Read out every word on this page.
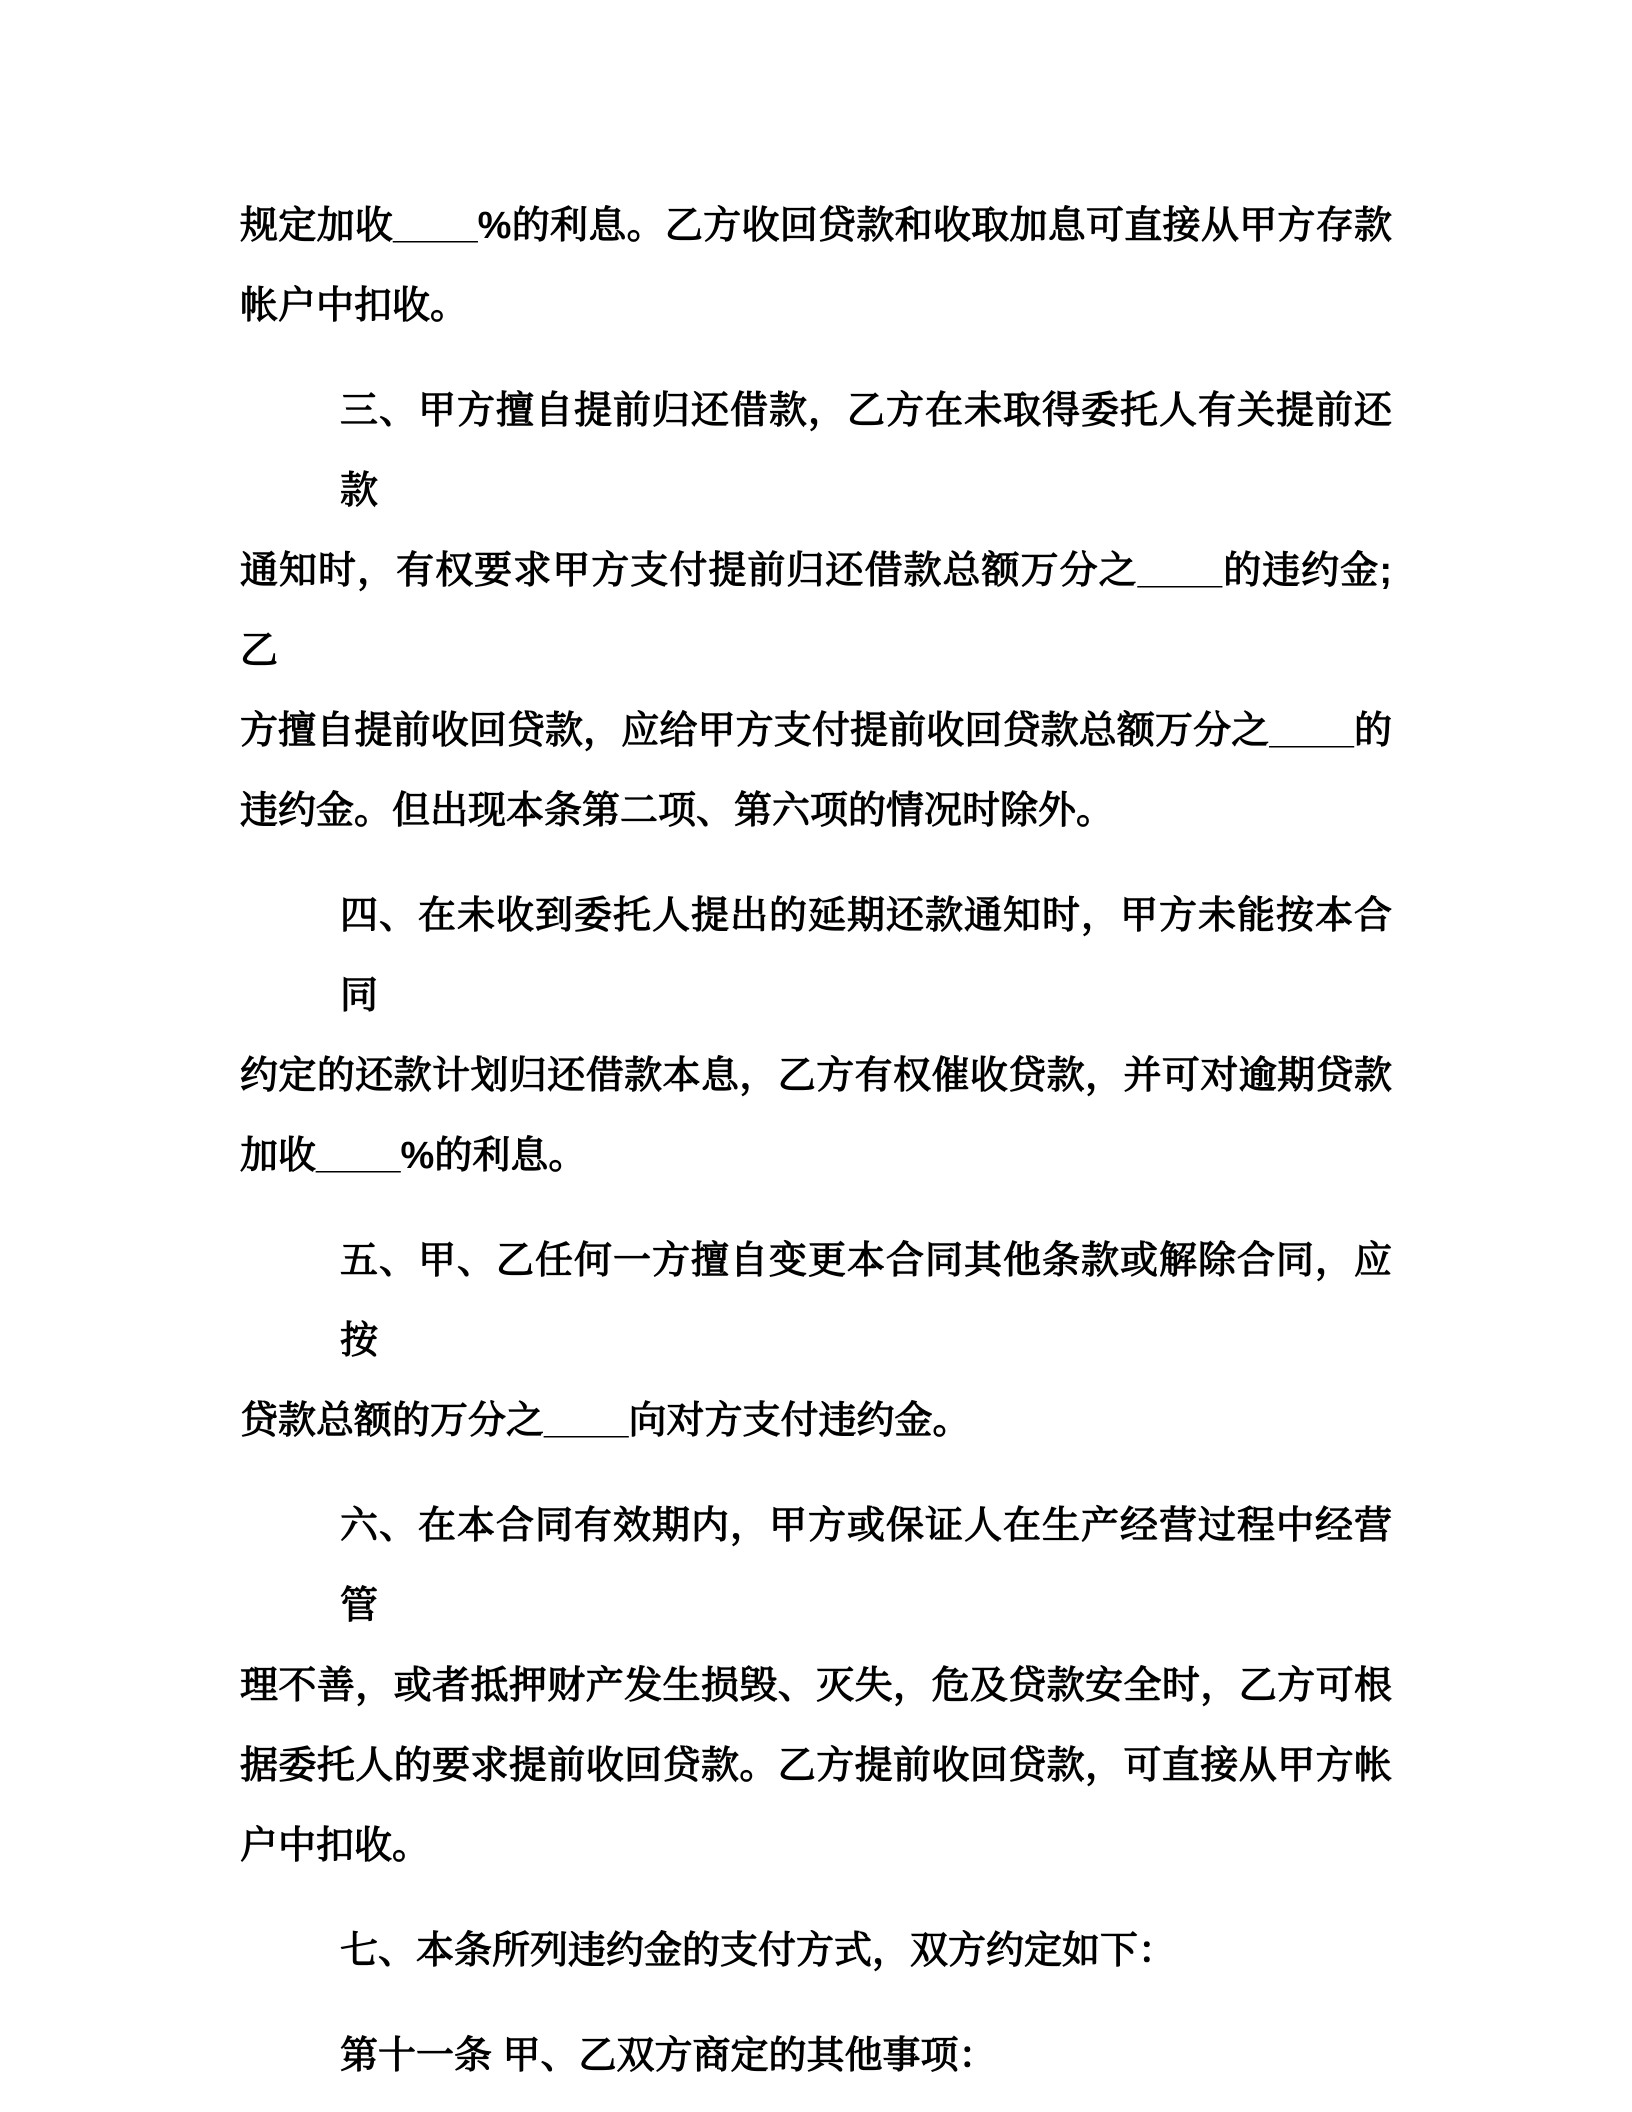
规定加收____%的利息。乙方收回贷款和收取加息可直接从甲方存款
帐户中扣收。
三、甲方擅自提前归还借款，乙方在未取得委托人有关提前还款
通知时，有权要求甲方支付提前归还借款总额万分之____的违约金;乙
方擅自提前收回贷款，应给甲方支付提前收回贷款总额万分之____的
违约金。但出现本条第二项、第六项的情况时除外。
四、在未收到委托人提出的延期还款通知时，甲方未能按本合同
约定的还款计划归还借款本息，乙方有权催收贷款，并可对逾期贷款
加收____%的利息。
五、甲、乙任何一方擅自变更本合同其他条款或解除合同，应按
贷款总额的万分之____向对方支付违约金。
六、在本合同有效期内，甲方或保证人在生产经营过程中经营管
理不善，或者抵押财产发生损毁、灭失，危及贷款安全时，乙方可根
据委托人的要求提前收回贷款。乙方提前收回贷款，可直接从甲方帐
户中扣收。
七、本条所列违约金的支付方式，双方约定如下：
第十一条 甲、乙双方商定的其他事项：
